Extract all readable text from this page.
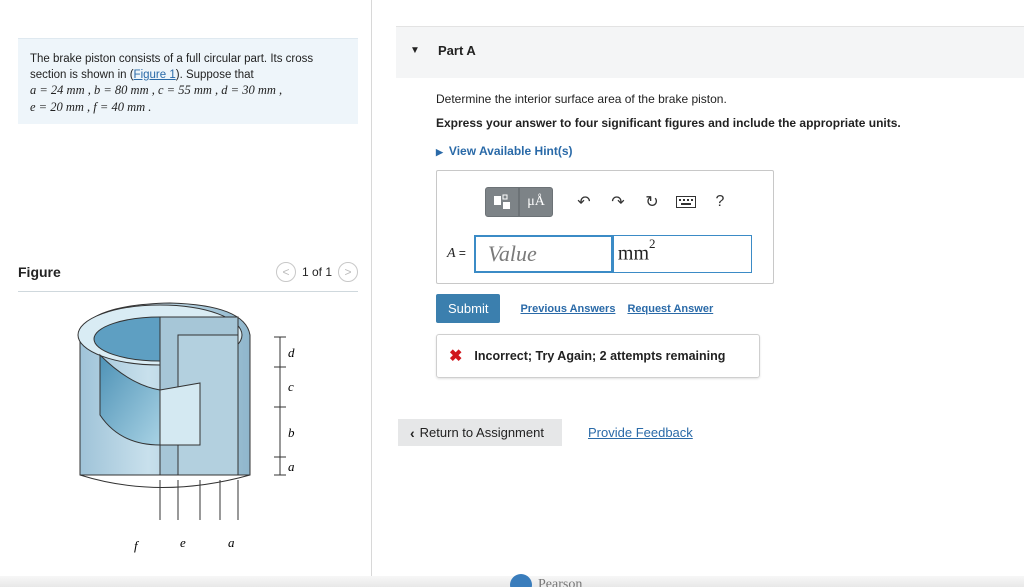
The brake piston consists of a full circular part. Its cross section is shown in (Figure 1). Suppose that
a = 24 mm , b = 80 mm , c = 55 mm , d = 30 mm ,
e = 20 mm , f = 40 mm .
Figure	<	1 of 1	>
d
c
b
a
f	e	a
▼ Part A
Determine the interior surface area of the brake piston.
Express your answer to four significant figures and include the appropriate units.
▶ View Available Hint(s)
μÅ	↶	↷	↻	?
A =	Value	$mm^2$
Submit	Previous Answers Request Answer
✖ Incorrect; Try Again; 2 attempts remaining
‹ Return to Assignment	Provide Feedback
Pearson
